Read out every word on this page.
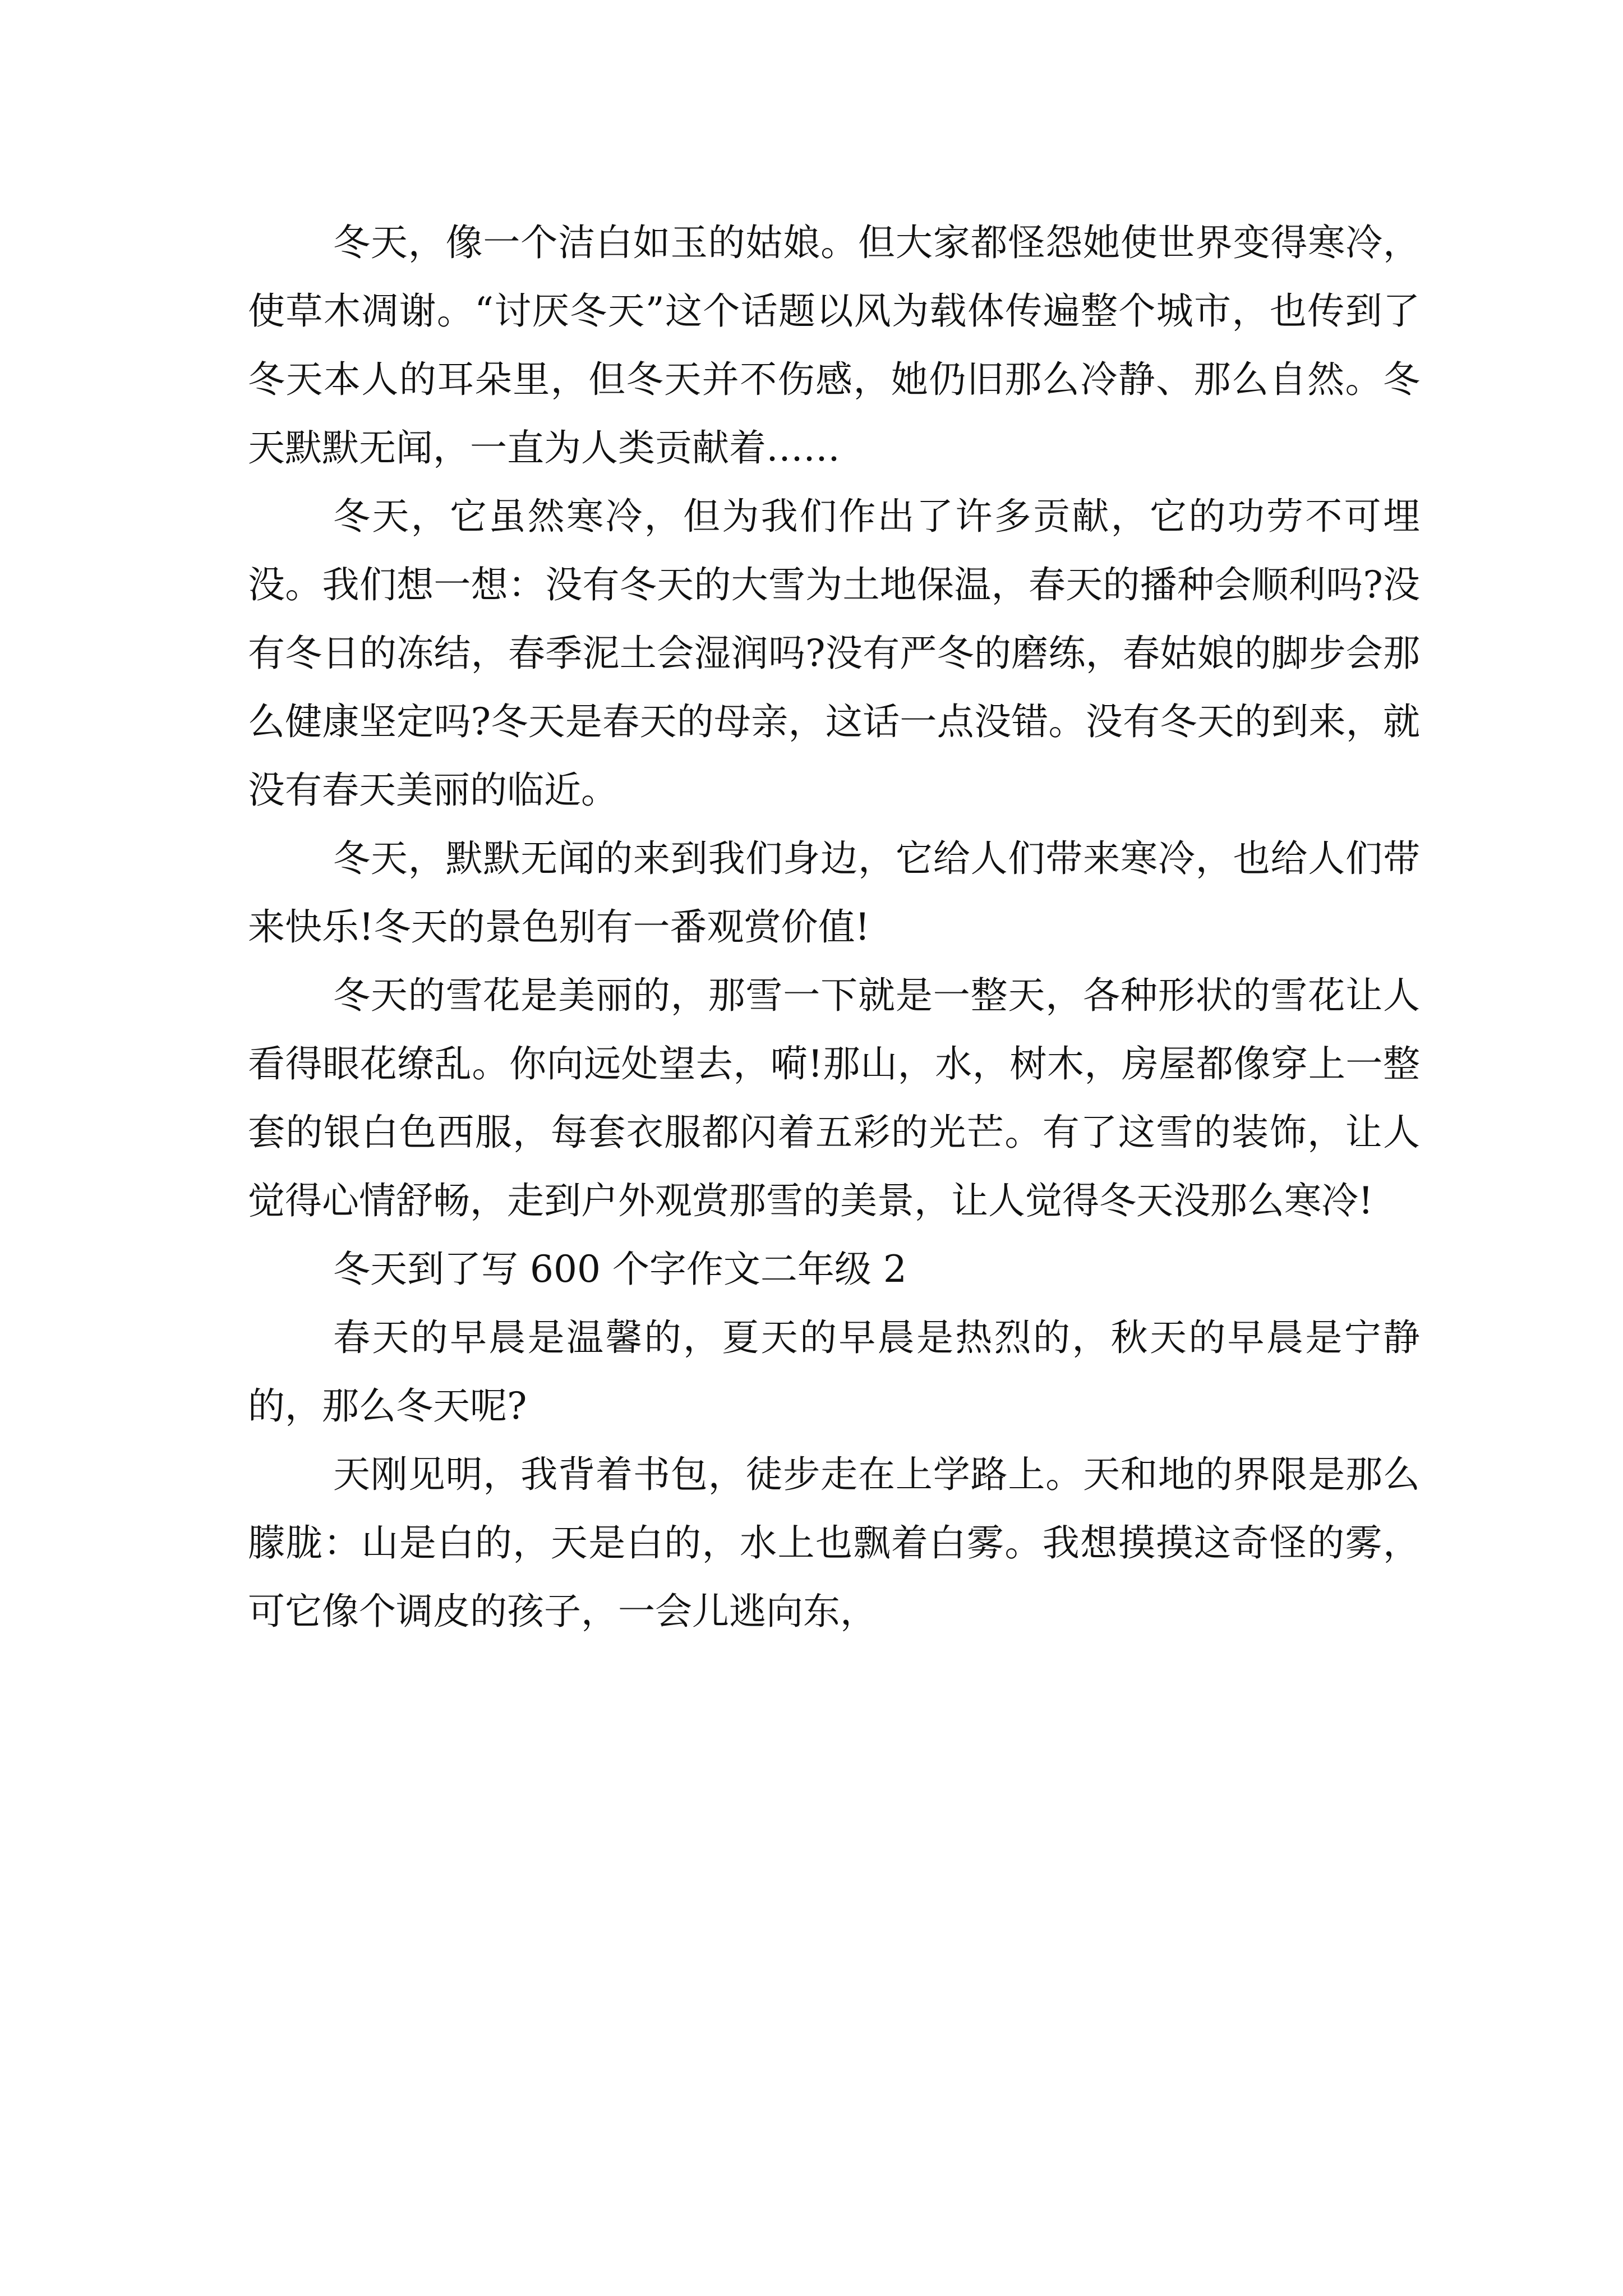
冬天，像一个洁白如玉的姑娘。但大家都怪怨她使世界变得寒冷，使草木凋谢。“讨厌冬天”这个话题以风为载体传遍整个城市，也传到了冬天本人的耳朵里，但冬天并不伤感，她仍旧那么冷静、那么自然。冬天默默无闻，一直为人类贡献着……

冬天，它虽然寒冷，但为我们作出了许多贡献，它的功劳不可埋没。我们想一想：没有冬天的大雪为土地保温，春天的播种会顺利吗?没有冬日的冻结，春季泥土会湿润吗?没有严冬的磨练，春姑娘的脚步会那么健康坚定吗?冬天是春天的母亲，这话一点没错。没有冬天的到来，就没有春天美丽的临近。

冬天，默默无闻的来到我们身边，它给人们带来寒冷，也给人们带来快乐!冬天的景色别有一番观赏价值!

冬天的雪花是美丽的，那雪一下就是一整天，各种形状的雪花让人看得眼花缭乱。你向远处望去，嗬!那山，水，树木，房屋都像穿上一整套的银白色西服，每套衣服都闪着五彩的光芒。有了这雪的装饰，让人觉得心情舒畅，走到户外观赏那雪的美景，让人觉得冬天没那么寒冷!

冬天到了写 600 个字作文二年级 2

春天的早晨是温馨的，夏天的早晨是热烈的，秋天的早晨是宁静的，那么冬天呢?

天刚见明，我背着书包，徒步走在上学路上。天和地的界限是那么朦胧：山是白的，天是白的，水上也飘着白雾。我想摸摸这奇怪的雾，可它像个调皮的孩子，一会儿逃向东，
